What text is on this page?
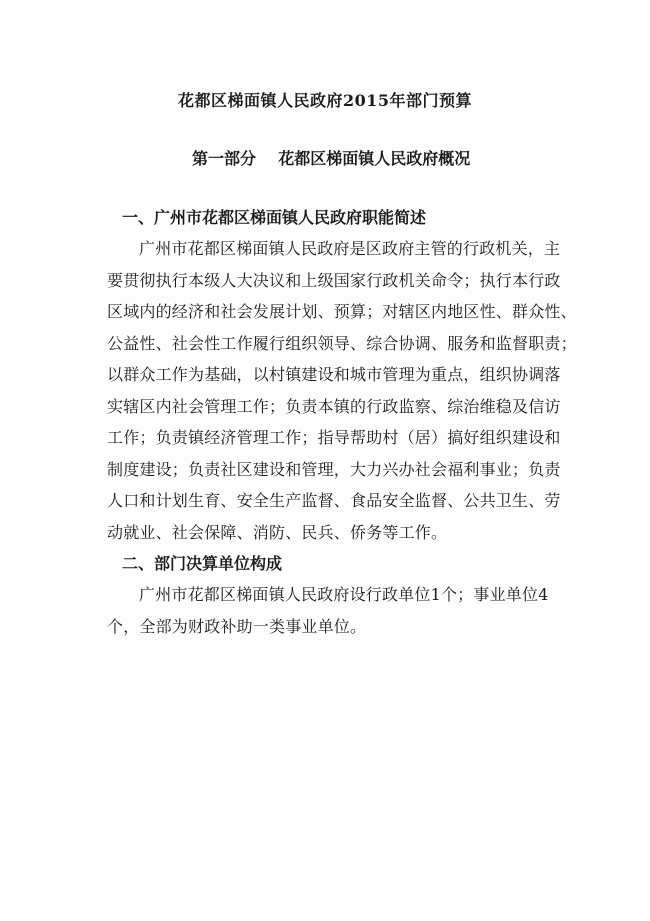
花都区梯面镇人民政府2015年部门预算
第一部分    花都区梯面镇人民政府概况
一、广州市花都区梯面镇人民政府职能简述
广州市花都区梯面镇人民政府是区政府主管的行政机关，主
要贯彻执行本级人大决议和上级国家行政机关命令；执行本行政
区域内的经济和社会发展计划、预算；对辖区内地区性、群众性、
公益性、社会性工作履行组织领导、综合协调、服务和监督职责；
以群众工作为基础，以村镇建设和城市管理为重点，组织协调落
实辖区内社会管理工作；负责本镇的行政监察、综治维稳及信访
工作；负责镇经济管理工作；指导帮助村（居）搞好组织建设和
制度建设；负责社区建设和管理，大力兴办社会福利事业；负责
人口和计划生育、安全生产监督、食品安全监督、公共卫生、劳
动就业、社会保障、消防、民兵、侨务等工作。
二、部门决算单位构成
广州市花都区梯面镇人民政府设行政单位1个；事业单位4
个，全部为财政补助一类事业单位。
